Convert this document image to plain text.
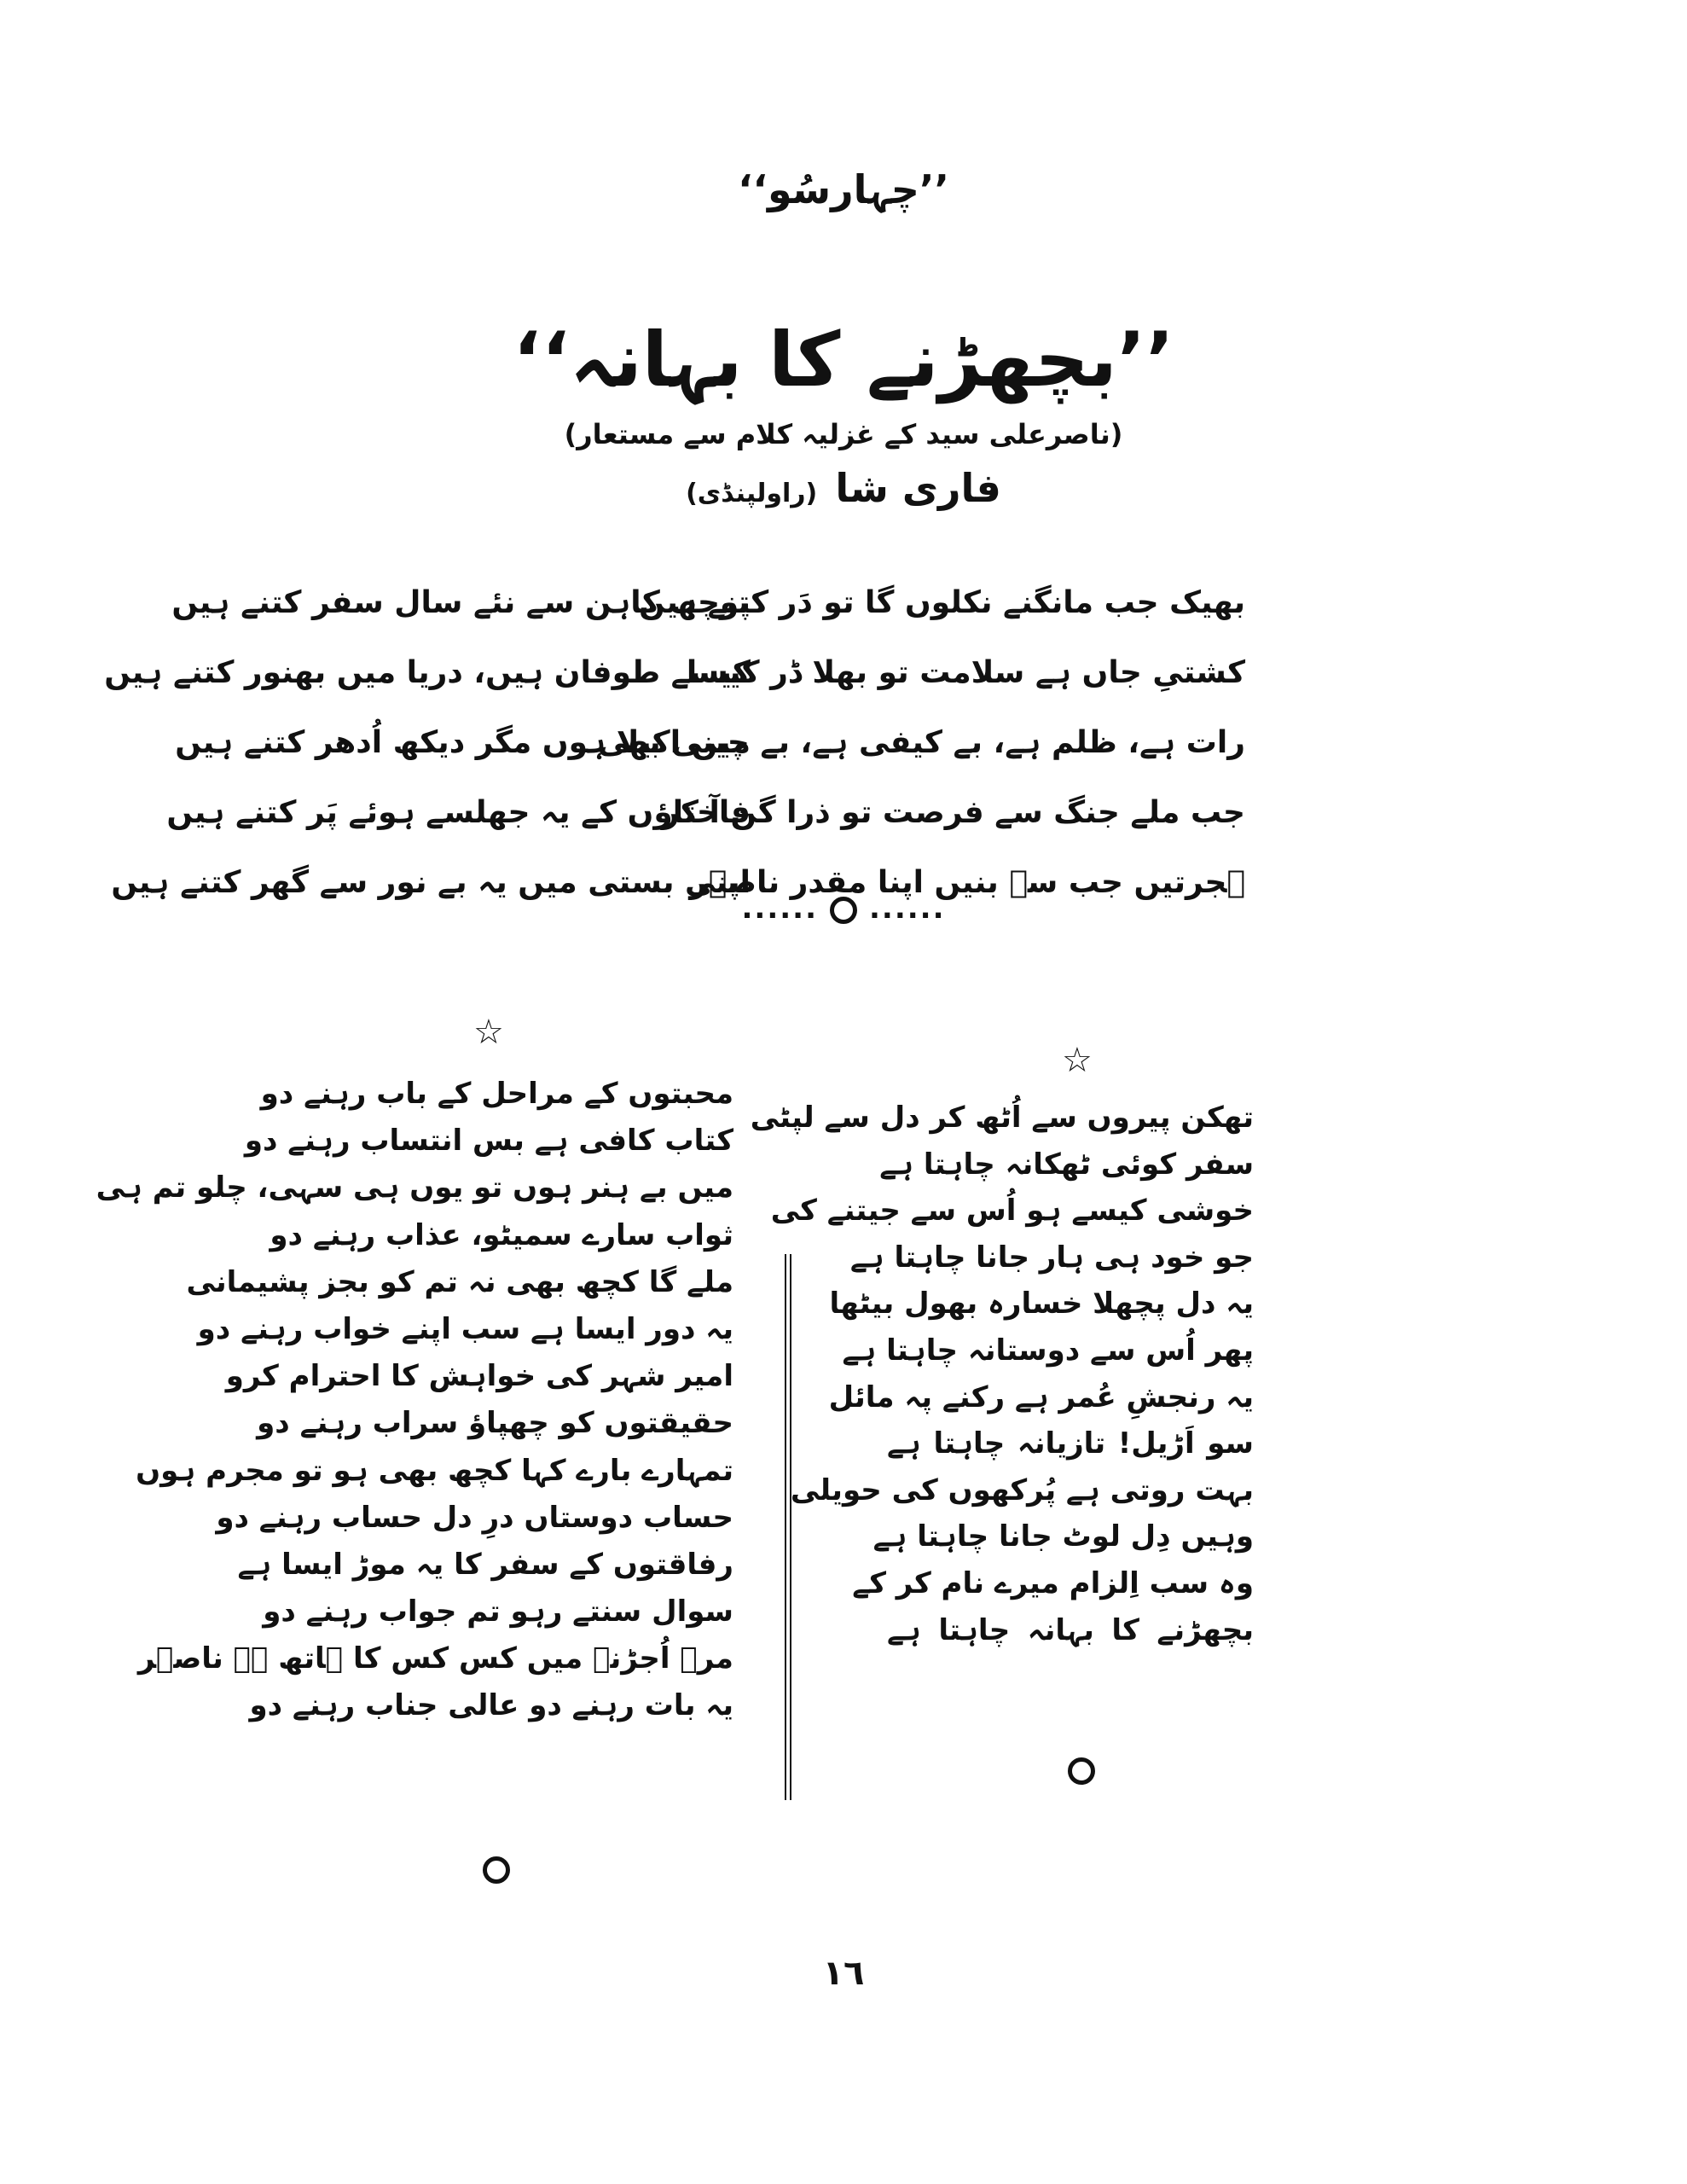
’’چہارسُو‘‘
’’بچھڑنے کا بہانہ‘‘
(ناصرعلی سید کے غزلیہ کلام سے مستعار)
فاری شا (راولپنڈی)
بھیک جب مانگنے نکلوں گا تو دَر کتنے ہیں
پوچھ کاہن سے نئے سال سفر کتنے ہیں
کشتیِ جاں ہے سلامت تو بھلا ڈر کیسا
کیسے طوفان ہیں، دریا میں بھنور کتنے ہیں
رات ہے، ظلم ہے، بے کیفی ہے، بے چینی بھی
میں اکیلا ہوں مگر دیکھ اُدھر کتنے ہیں
جب ملے جنگ سے فرصت تو ذرا گن آ کر
فاختاؤں کے یہ جھلسے ہوئے پَر کتنے ہیں
ہجرتیں جب سے بنیں اپنا مقدر ناصؔر
اپنی بستی میں یہ بے نور سے گھر کتنے ہیں
...... ......
☆
☆
محبتوں کے مراحل کے باب رہنے دو
کتاب کافی ہے بس انتساب رہنے دو
میں بے ہنر ہوں تو یوں ہی سہی، چلو تم ہی
ثواب سارے سمیٹو، عذاب رہنے دو
ملے گا کچھ بھی نہ تم کو بجز پشیمانی
یہ دور ایسا ہے سب اپنے خواب رہنے دو
امیر شہر کی خواہش کا احترام کرو
حقیقتوں کو چھپاؤ سراب رہنے دو
تمہارے بارے کہا کچھ بھی ہو تو مجرم ہوں
حساب دوستاں درِ دل حساب رہنے دو
رفاقتوں کے سفر کا یہ موڑ ایسا ہے
سوال سنتے رہو تم جواب رہنے دو
مرے اُجڑنے میں کس کس کا ہاتھ ہے ناصؔر
یہ بات رہنے دو عالی جناب رہنے دو
تھکن پیروں سے اُٹھ کر دل سے لپٹی
سفر کوئی ٹھکانہ چاہتا ہے
خوشی کیسے ہو اُس سے جیتنے کی
جو خود ہی ہار جانا چاہتا ہے
یہ دل پچھلا خسارہ بھول بیٹھا
پھر اُس سے دوستانہ چاہتا ہے
یہ رنجشِ عُمر ہے رکنے پہ مائل
سو اَڑیل! تازیانہ چاہتا ہے
بہت روتی ہے پُرکھوں کی حویلی
وہیں دِل لوٹ جانا چاہتا ہے
وہ سب اِلزام میرے نام کر کے
بچھڑنے کا بہانہ چاہتا ہے
١٦
